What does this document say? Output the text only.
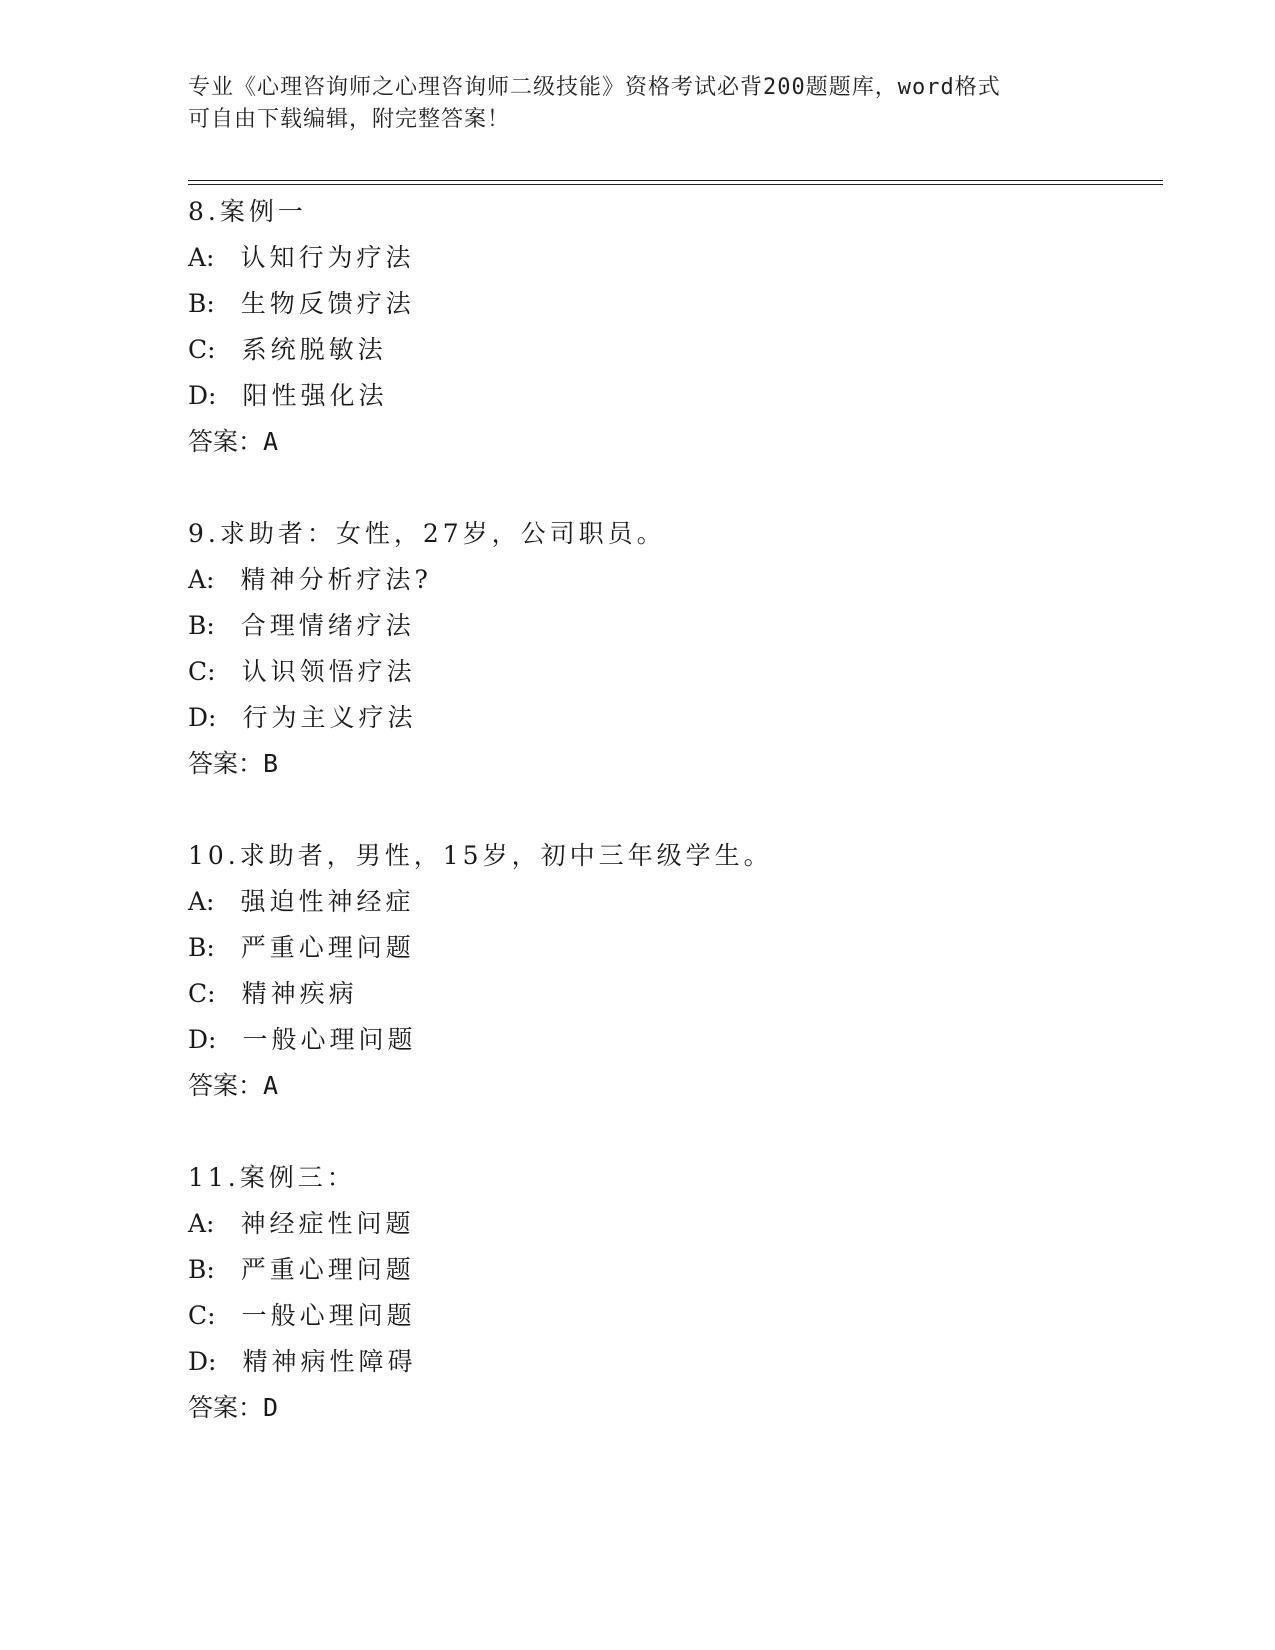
专业《心理咨询师之心理咨询师二级技能》资格考试必背200题题库，word格式
可自由下载编辑，附完整答案！
8.案例一
A: 认知行为疗法
B: 生物反馈疗法
C: 系统脱敏法
D: 阳性强化法
答案：A
9.求助者：女性，27岁，公司职员。
A: 精神分析疗法?
B: 合理情绪疗法
C: 认识领悟疗法
D: 行为主义疗法
答案：B
10.求助者，男性，15岁，初中三年级学生。
A: 强迫性神经症
B: 严重心理问题
C: 精神疾病
D: 一般心理问题
答案：A
11.案例三：
A: 神经症性问题
B: 严重心理问题
C: 一般心理问题
D: 精神病性障碍
答案：D
